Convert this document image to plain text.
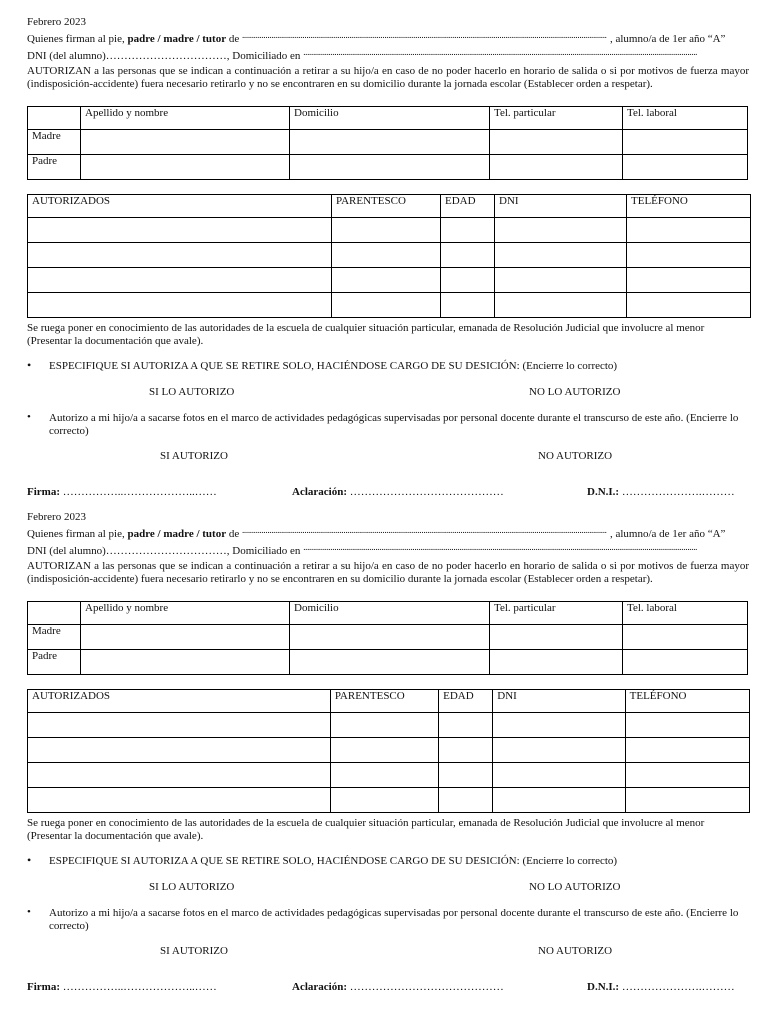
Febrero 2023
Quienes firman al pie, padre / madre / tutor de ........................................................................................................................................................................................... , alumno/a de 1er año “A”
DNI (del alumno)……………………………, Domiciliado en ..........................................................................................................................................................................................................
AUTORIZAN a las personas que se indican a continuación a retirar a su hijo/a en caso de no poder hacerlo en horario de salida o si por motivos de fuerza mayor (indisposición-accidente) fuera necesario retirarlo y no se encontraren en su domicilio durante la jornada escolar (Establecer orden a respetar).
	Apellido y nombre	Domicilio	Tel. particular	Tel. laboral
Madre				
Padre				
AUTORIZADOS	PARENTESCO	EDAD	DNI	TELÉFONO

Se ruega poner en conocimiento de las autoridades de la escuela de cualquier situación particular, emanada de Resolución Judicial que involucre al menor (Presentar la documentación que avale).
• ESPECIFIQUE SI AUTORIZA A QUE SE RETIRE SOLO, HACIÉNDOSE CARGO DE SU DESICIÓN: (Encierre lo correcto)
SI LO AUTORIZO	NO LO AUTORIZO
Autorizo a mi hijo/a a sacarse fotos en el marco de actividades pedagógicas supervisadas por personal docente durante el transcurso de este año. (Encierre lo correcto)
•
SI AUTORIZO	NO AUTORIZO
Firma: ……………..………………..……	Aclaración: ……………………………………	D.N.I.: ………………….………
Febrero 2023
Quienes firman al pie, padre / madre / tutor de ........................................................................................................................................................................................... , alumno/a de 1er año “A”
DNI (del alumno)……………………………, Domiciliado en ..........................................................................................................................................................................................................
AUTORIZAN a las personas que se indican a continuación a retirar a su hijo/a en caso de no poder hacerlo en horario de salida o si por motivos de fuerza mayor (indisposición-accidente) fuera necesario retirarlo y no se encontraren en su domicilio durante la jornada escolar (Establecer orden a respetar).
	Apellido y nombre	Domicilio	Tel. particular	Tel. laboral
Madre				
Padre				
AUTORIZADOS	PARENTESCO	EDAD	DNI	TELÉFONO

Se ruega poner en conocimiento de las autoridades de la escuela de cualquier situación particular, emanada de Resolución Judicial que involucre al menor (Presentar la documentación que avale).
• ESPECIFIQUE SI AUTORIZA A QUE SE RETIRE SOLO, HACIÉNDOSE CARGO DE SU DESICIÓN: (Encierre lo correcto)
SI LO AUTORIZO	NO LO AUTORIZO
Autorizo a mi hijo/a a sacarse fotos en el marco de actividades pedagógicas supervisadas por personal docente durante el transcurso de este año. (Encierre lo correcto)
•
SI AUTORIZO	NO AUTORIZO
Firma: ……………..………………..……	Aclaración: ……………………………………	D.N.I.: ………………….………
